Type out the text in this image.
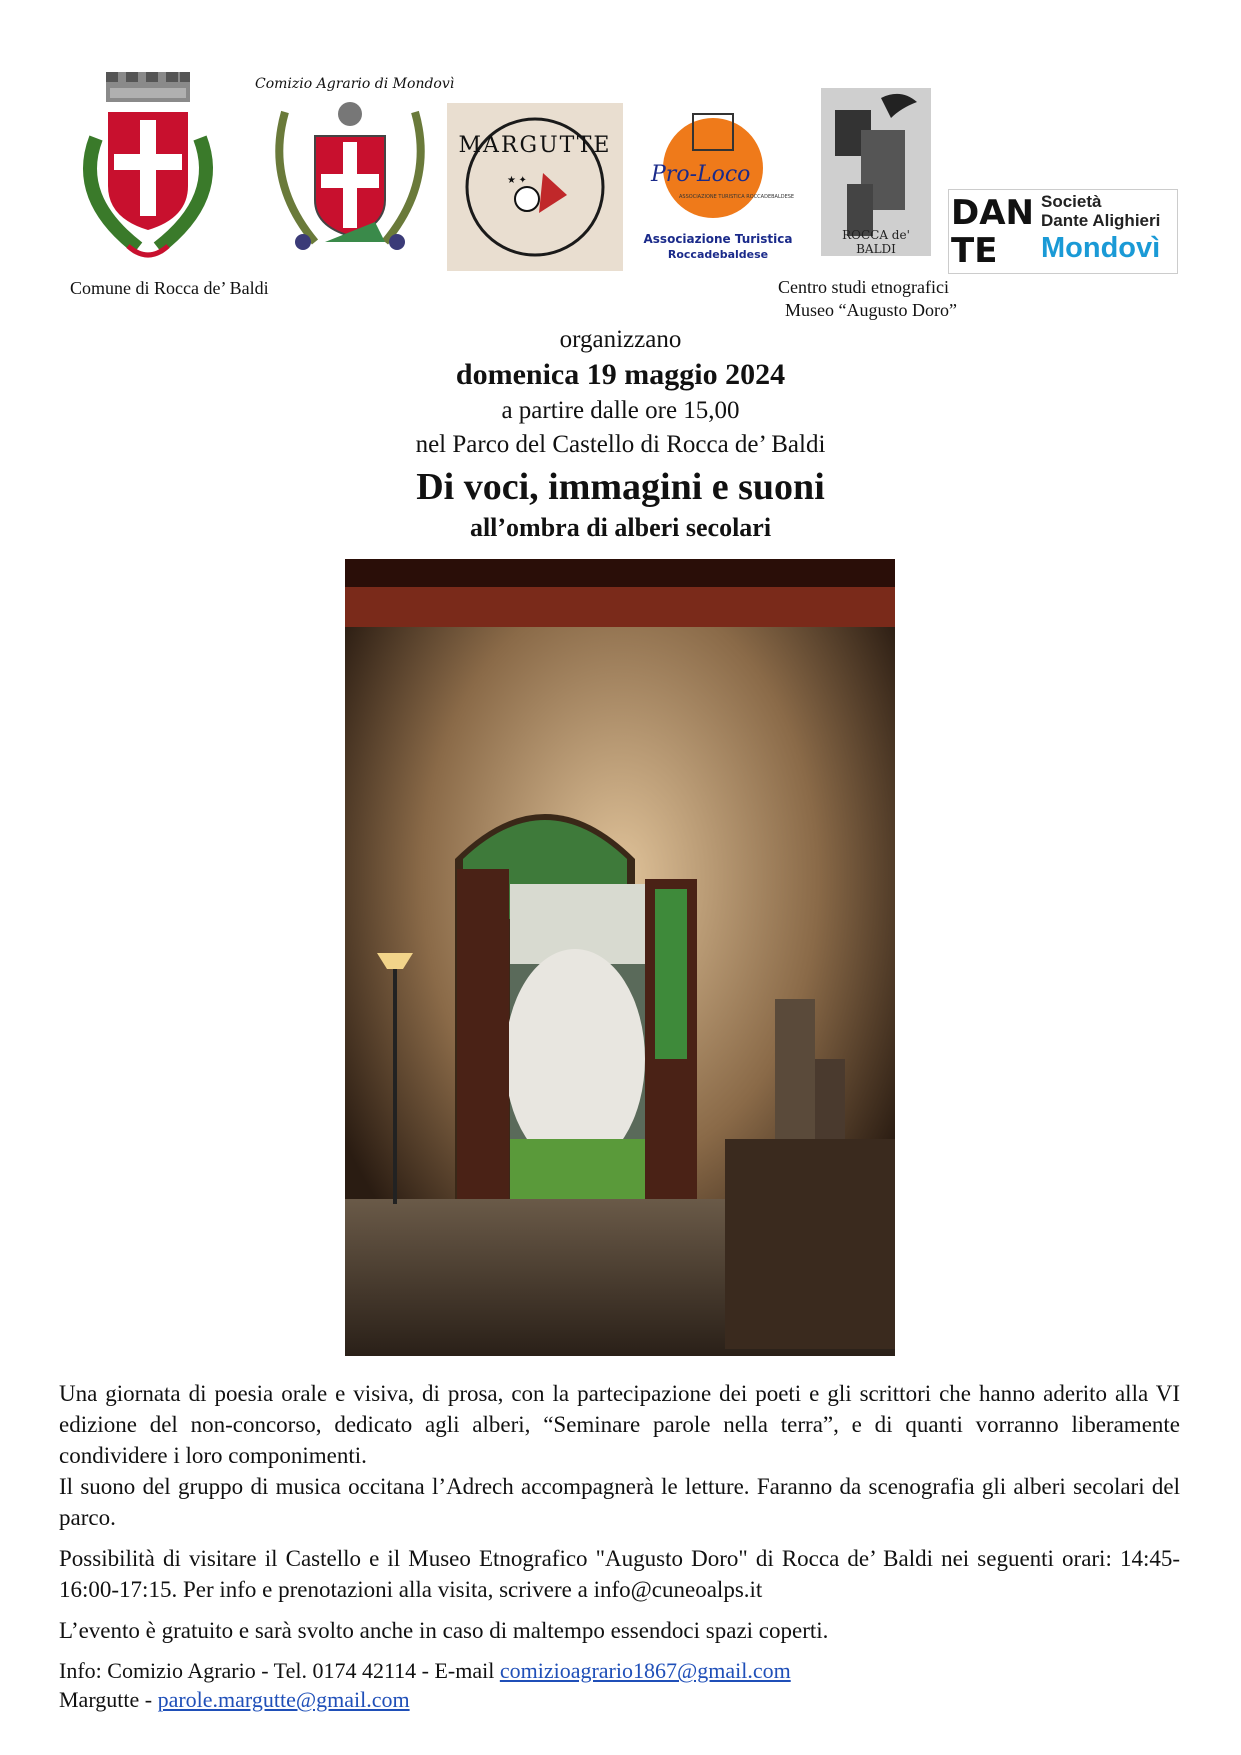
Comune di Rocca de’ Baldi
Comizio Agrario di Mondovì
★ ✦
MARGUTTE
Pro-Loco
ASSOCIAZIONE TURISTICA ROCCADEBALDESE
Associazione Turistica
Roccadebaldese
ROCCA de' BALDI
Centro studi etnografici
Museo “Augusto Doro”
DANTE
Società
Dante Alighieri
Mondovì
organizzano
domenica 19 maggio 2024
a partire dalle ore 15,00
nel Parco del Castello di Rocca de’ Baldi
Di voci, immagini e suoni
all’ombra di alberi secolari

Una giornata di poesia orale e visiva, di prosa, con la partecipazione dei poeti e gli scrittori che hanno aderito alla VI edizione del non-concorso, dedicato agli alberi, “Seminare parole nella terra”, e di quanti vorranno liberamente condividere i loro componimenti.

Il suono del gruppo di musica occitana l’Adrech accompagnerà le letture. Faranno da scenografia gli alberi secolari del parco.

Possibilità di visitare il Castello e il Museo Etnografico "Augusto Doro" di Rocca de’ Baldi nei seguenti orari: 14:45-16:00-17:15. Per info e prenotazioni alla visita, scrivere a info@cuneoalps.it

L’evento è gratuito e sarà svolto anche in caso di maltempo essendoci spazi coperti.

Info: Comizio Agrario - Tel. 0174 42114 - E-mail comizioagrario1867@gmail.com
Margutte - parole.margutte@gmail.com
